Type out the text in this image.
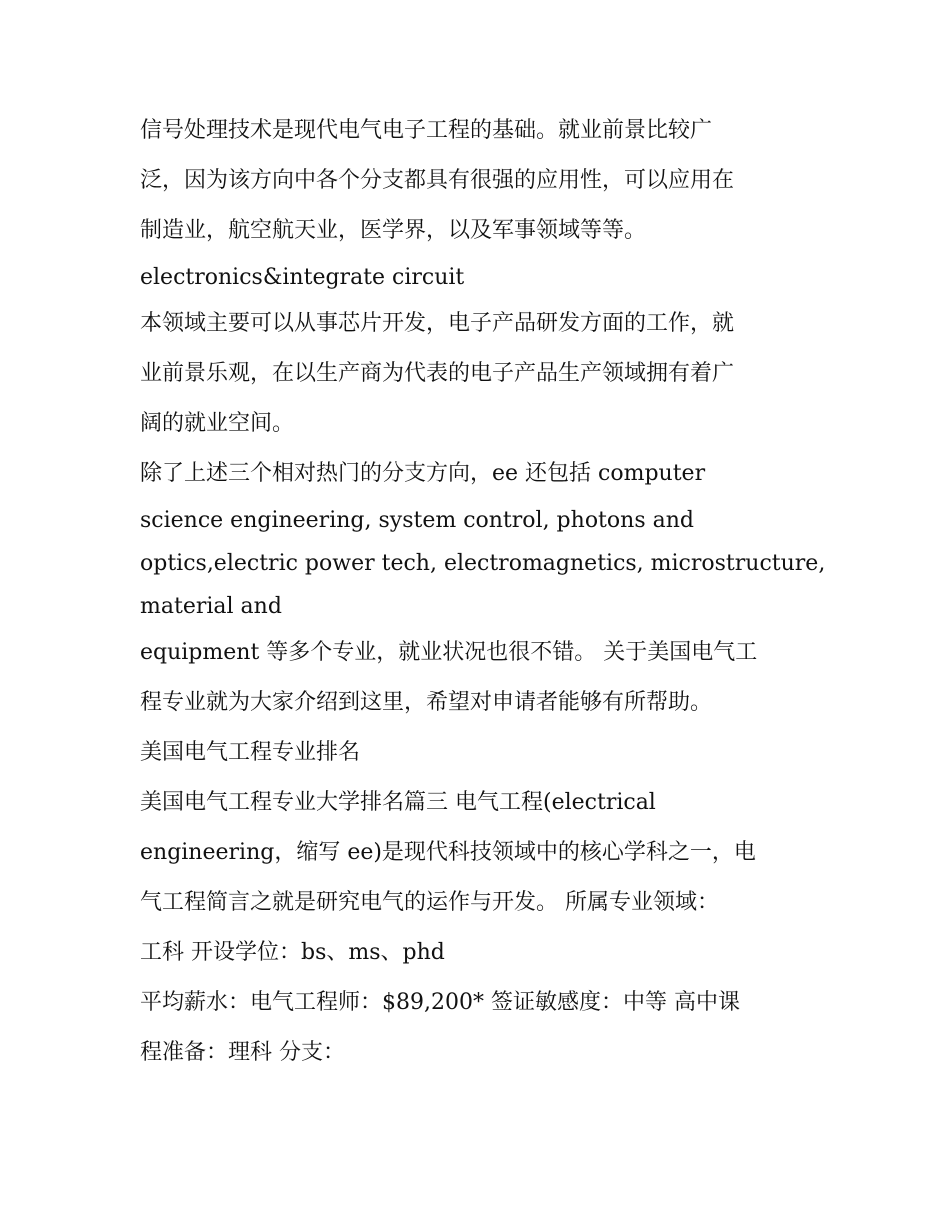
信号处理技术是现代电气电子工程的基础。就业前景比较广
泛，因为该方向中各个分支都具有很强的应用性，可以应用在
制造业，航空航天业，医学界，以及军事领域等等。
electronics&integrate circuit
本领域主要可以从事芯片开发，电子产品研发方面的工作，就
业前景乐观，在以生产商为代表的电子产品生产领域拥有着广
阔的就业空间。
除了上述三个相对热门的分支方向，ee 还包括 computer
science engineering, system control, photons and
optics,electric power tech, electromagnetics, microstructure,
material and
equipment 等多个专业，就业状况也很不错。 关于美国电气工
程专业就为大家介绍到这里，希望对申请者能够有所帮助。
美国电气工程专业排名
美国电气工程专业大学排名篇三 电气工程(electrical
engineering，缩写 ee)是现代科技领域中的核心学科之一，电
气工程简言之就是研究电气的运作与开发。 所属专业领域：
工科 开设学位：bs、ms、phd
平均薪水：电气工程师：$89,200* 签证敏感度：中等 高中课
程准备：理科 分支：
